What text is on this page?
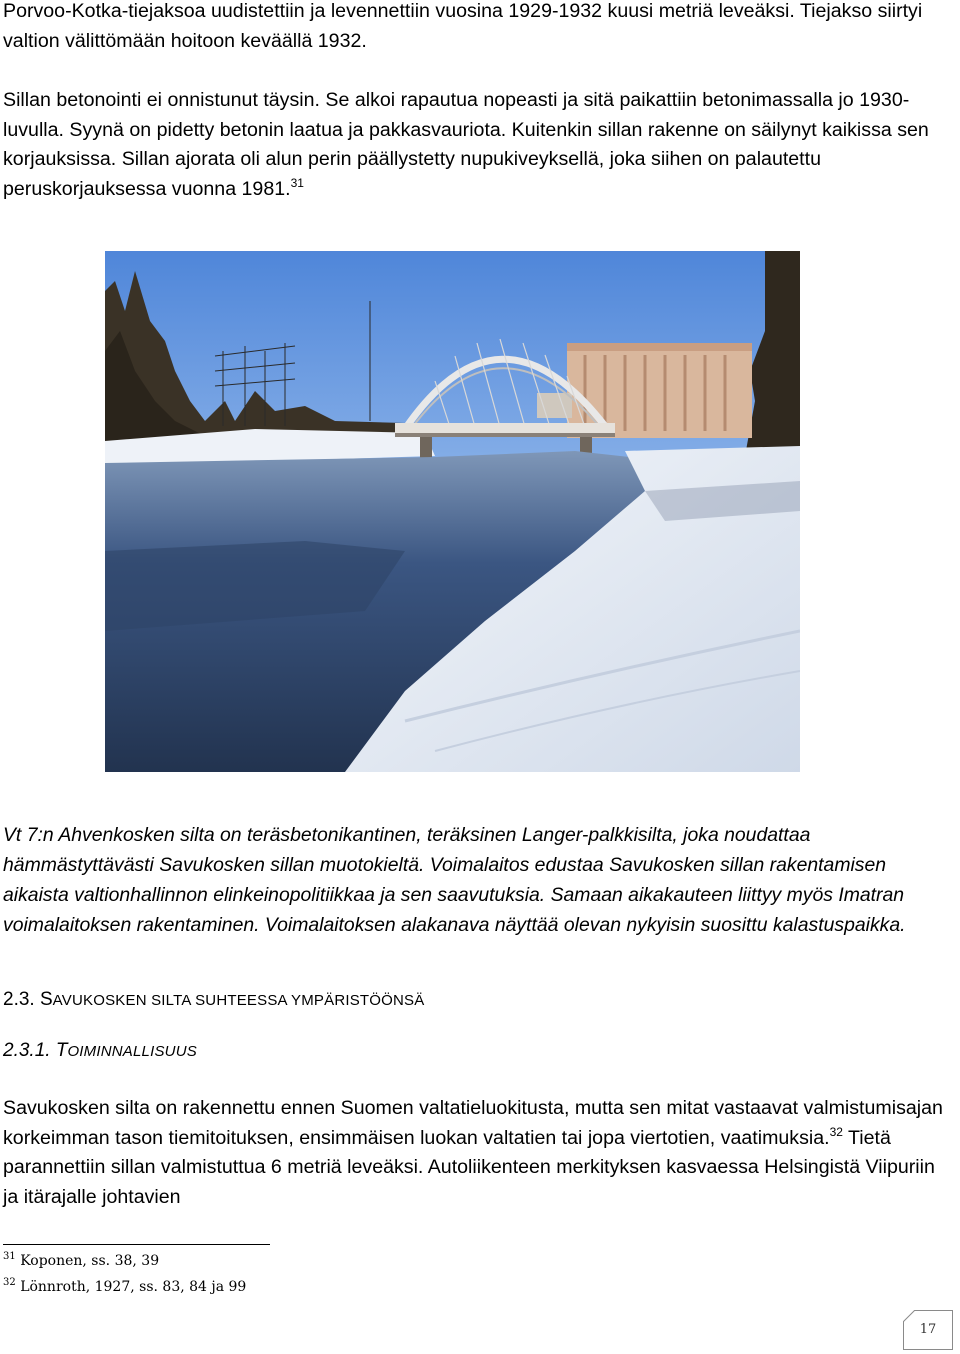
Porvoo-Kotka-tiejaksoa uudistettiin ja levennettiin vuosina 1929-1932 kuusi metriä leveäksi. Tiejakso siirtyi valtion välittömään hoitoon keväällä 1932.

Sillan betonointi ei onnistunut täysin. Se alkoi rapautua nopeasti ja sitä paikattiin betonimassalla jo 1930-luvulla. Syynä on pidetty betonin laatua ja pakkasvauriota. Kuitenkin sillan rakenne on säilynyt kaikissa sen korjauksissa. Sillan ajorata oli alun perin päällystetty nupukiveyksellä, joka siihen on palautettu peruskorjauksessa vuonna 1981.31

Vt 7:n Ahvenkosken silta on teräsbetonikantinen, teräksinen Langer-palkkisilta, joka noudattaa hämmästyttävästi Savukosken sillan muotokieltä. Voimalaitos edustaa Savukosken sillan rakentamisen aikaista valtionhallinnon elinkeinopolitiikkaa ja sen saavutuksia. Samaan aikakauteen liittyy myös Imatran voimalaitoksen rakentaminen. Voimalaitoksen alakanava näyttää olevan nykyisin suosittu kalastuspaikka.

2.3. SAVUKOSKEN SILTA SUHTEESSA YMPÄRISTÖÖNSÄ

2.3.1. TOIMINNALLISUUS

Savukosken silta on rakennettu ennen Suomen valtatieluokitusta, mutta sen mitat vastaavat valmistumisajan korkeimman tason tiemitoituksen, ensimmäisen luokan valtatien tai jopa viertotien, vaatimuksia.$^{32}$ Tietä parannettiin sillan valmistuttua 6 metriä leveäksi. Autoliikenteen merkityksen kasvaessa Helsingistä Viipuriin ja itärajalle johtavien

$^{31}$ Koponen, ss. 38, 39

$^{32}$ Lönnroth, 1927, ss. 83, 84 ja 99

17
